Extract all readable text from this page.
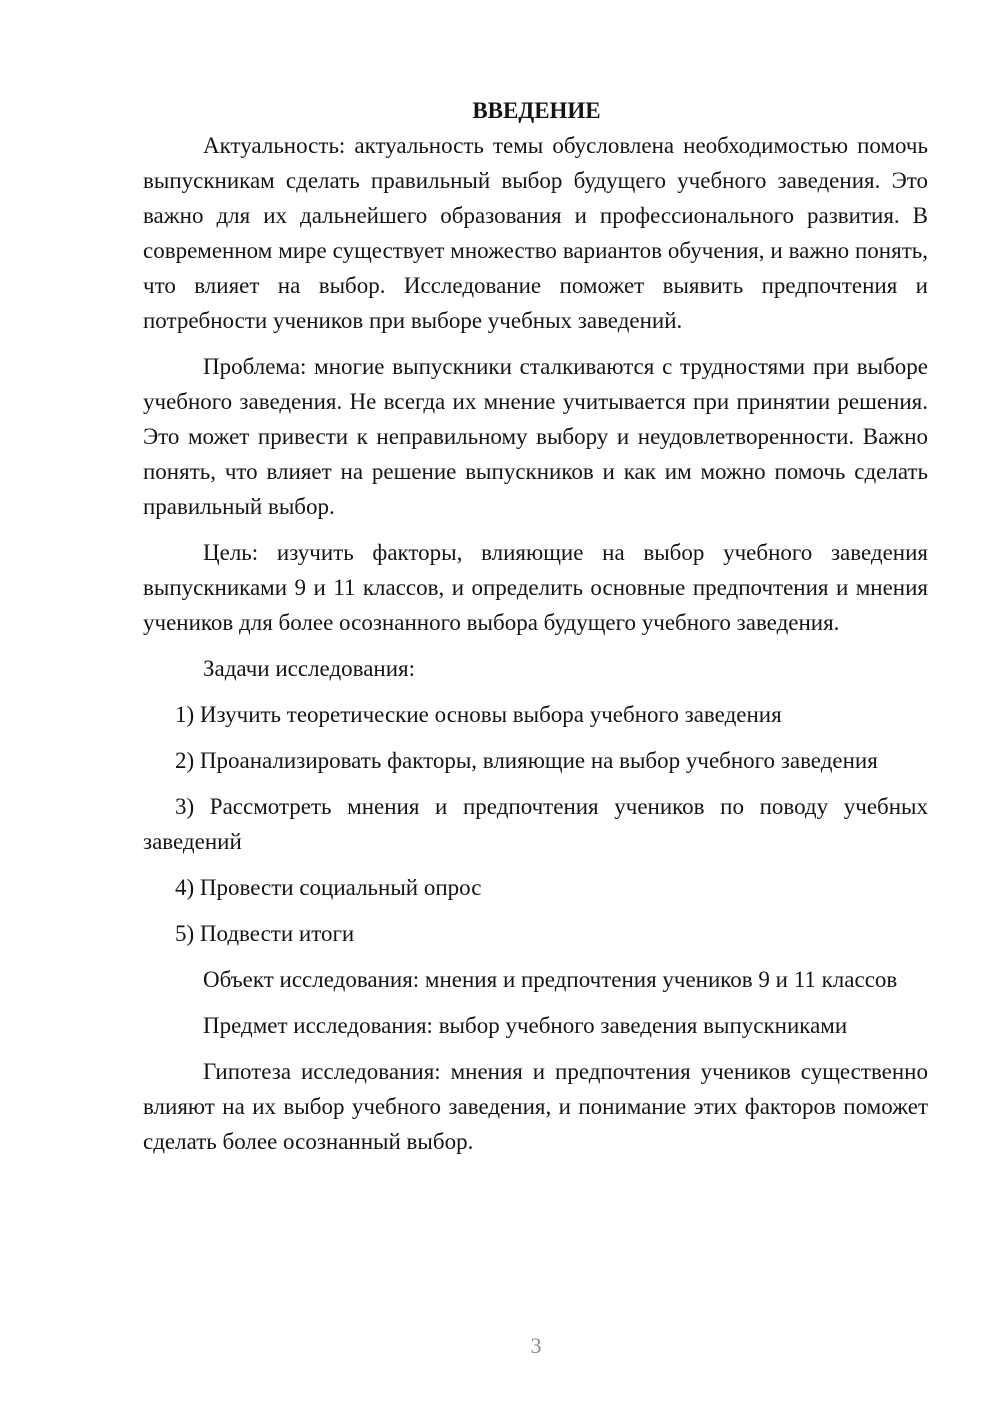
ВВЕДЕНИЕ

Актуальность: актуальность темы обусловлена необходимостью помочь выпускникам сделать правильный выбор будущего учебного заведения. Это важно для их дальнейшего образования и профессионального развития. В современном мире существует множество вариантов обучения, и важно понять, что влияет на выбор. Исследование поможет выявить предпочтения и потребности учеников при выборе учебных заведений.

Проблема: многие выпускники сталкиваются с трудностями при выборе учебного заведения. Не всегда их мнение учитывается при принятии решения. Это может привести к неправильному выбору и неудовлетворенности. Важно понять, что влияет на решение выпускников и как им можно помочь сделать правильный выбор.

Цель: изучить факторы, влияющие на выбор учебного заведения выпускниками 9 и 11 классов, и определить основные предпочтения и мнения учеников для более осознанного выбора будущего учебного заведения.

Задачи исследования:

1) Изучить теоретические основы выбора учебного заведения

2) Проанализировать факторы, влияющие на выбор учебного заведения

3) Рассмотреть мнения и предпочтения учеников по поводу учебных заведений

4) Провести социальный опрос

5) Подвести итоги

Объект исследования: мнения и предпочтения учеников 9 и 11 классов

Предмет исследования: выбор учебного заведения выпускниками

Гипотеза исследования: мнения и предпочтения учеников существенно влияют на их выбор учебного заведения, и понимание этих факторов поможет сделать более осознанный выбор.

3
